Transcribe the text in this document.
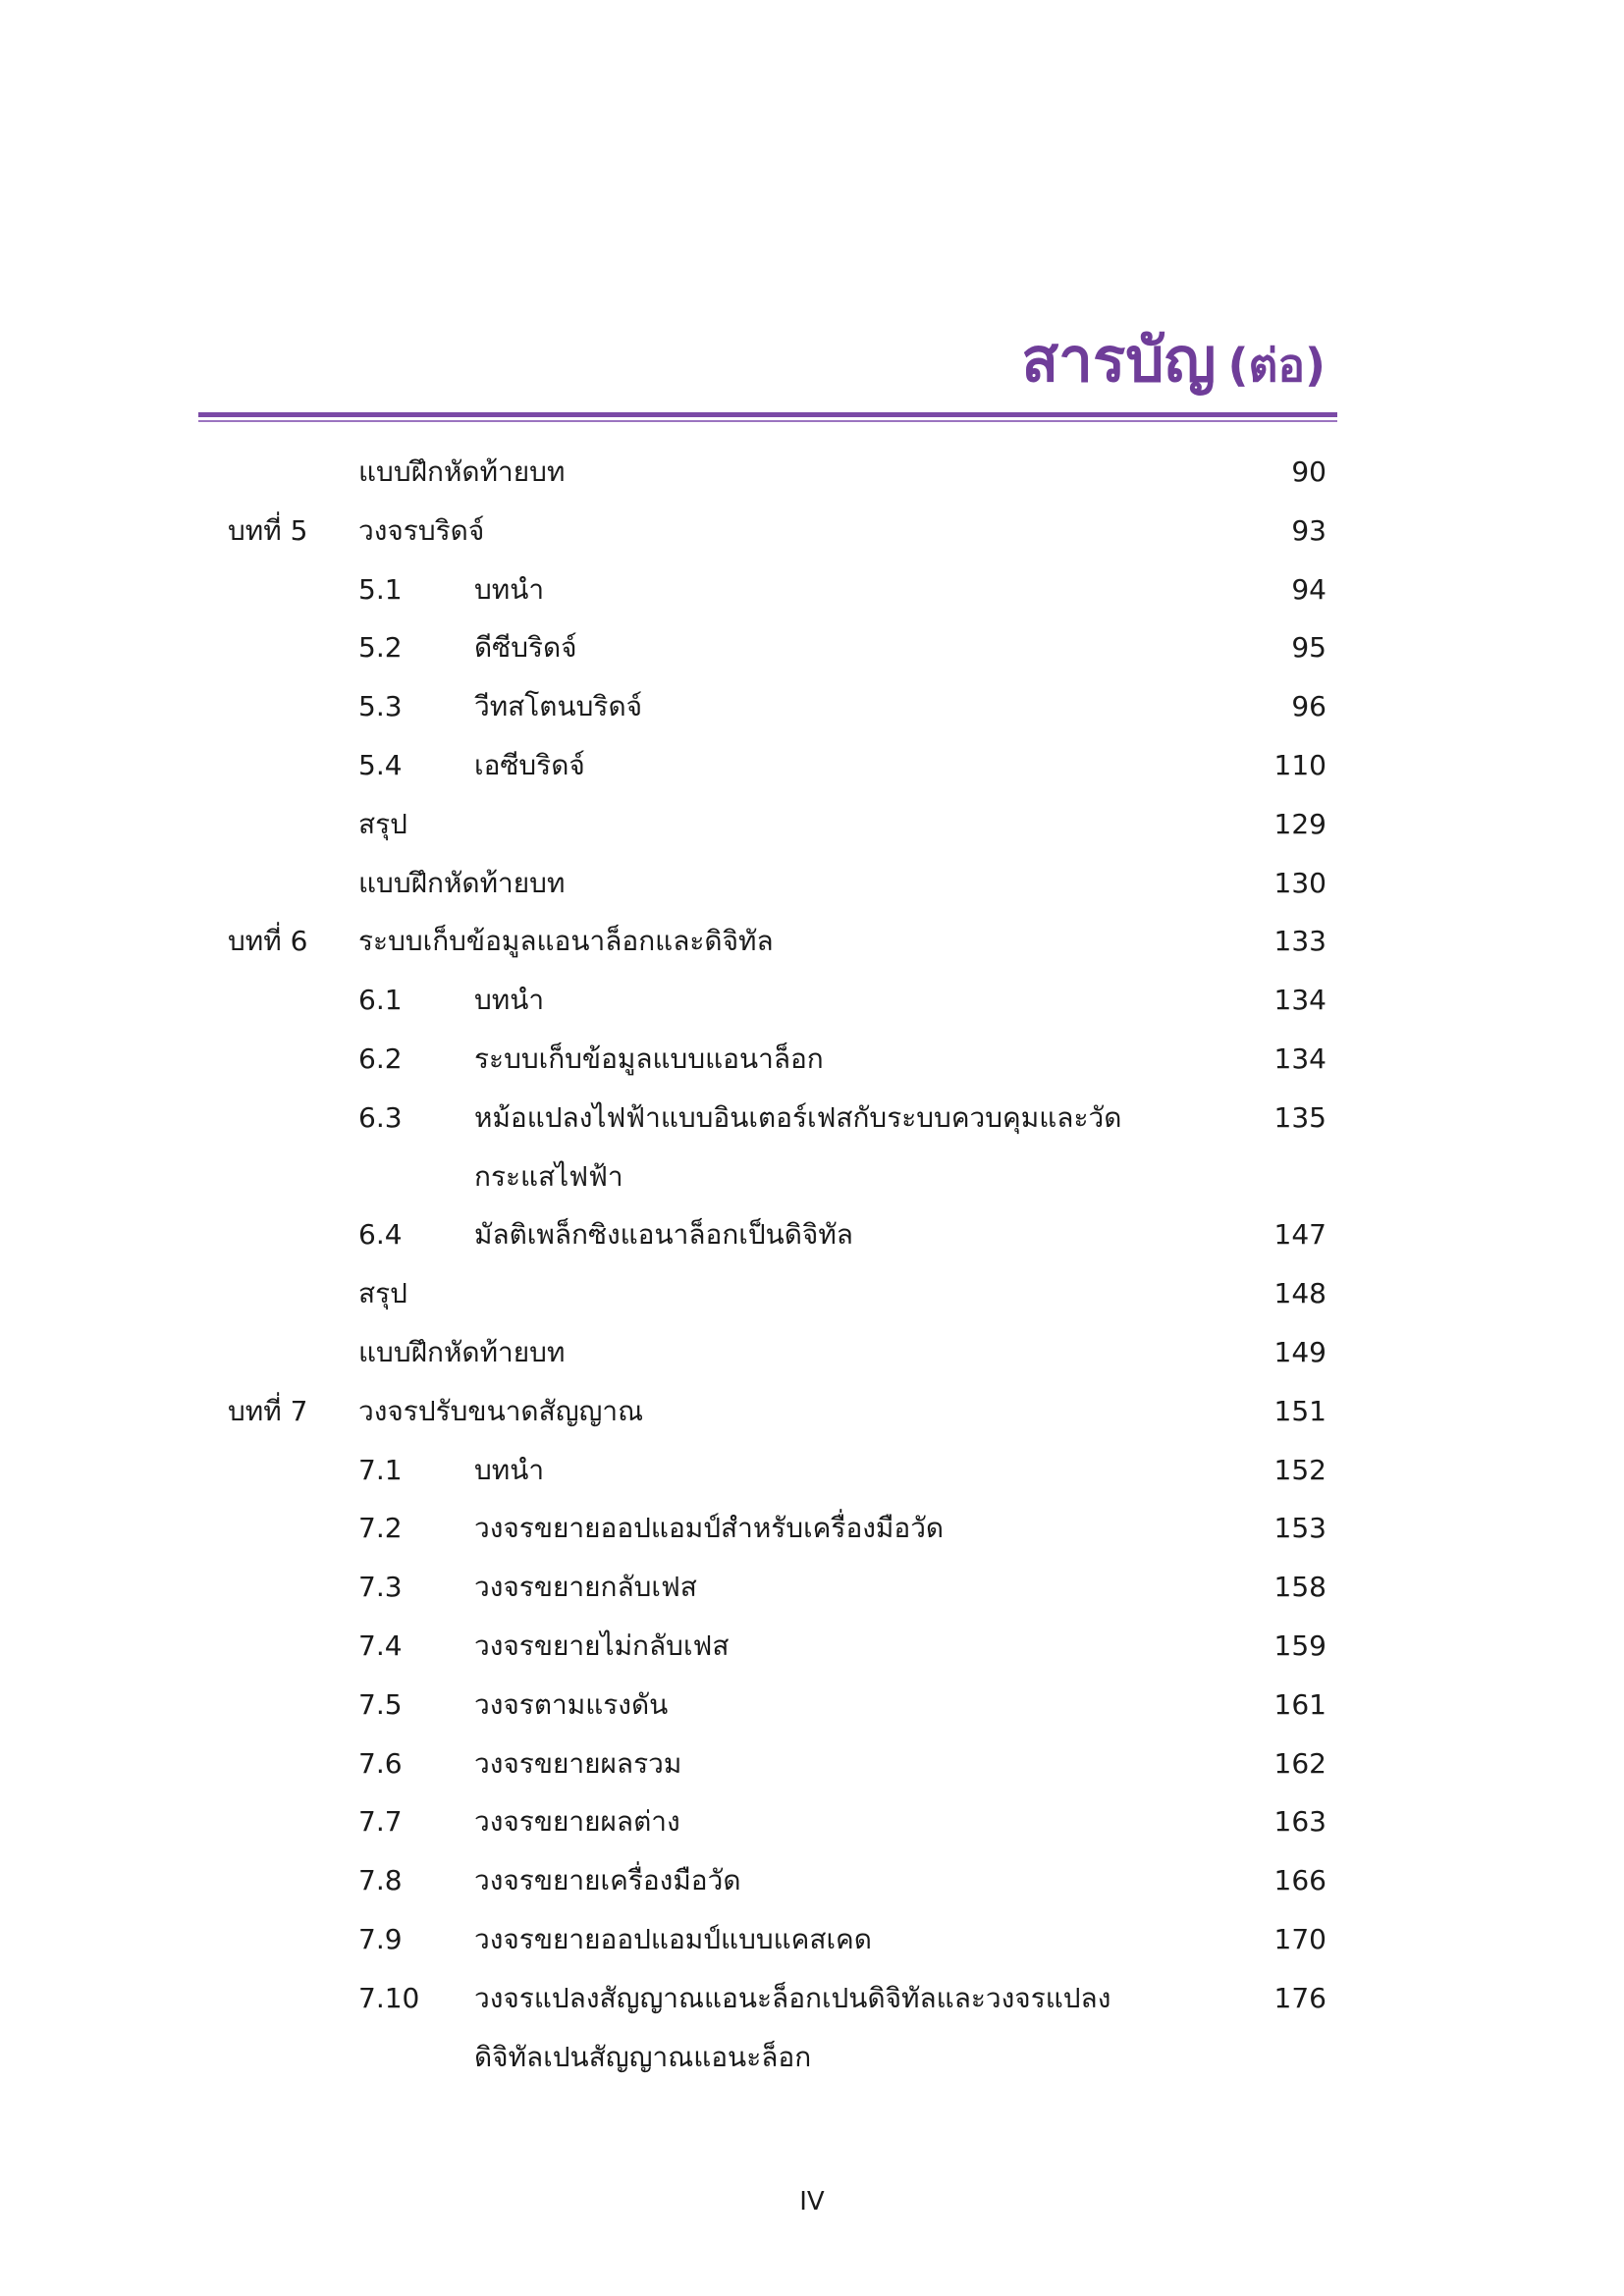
สารบัญ (ต่อ)
แบบฝึกหัดท้ายบท	90
บทที่ 5 วงจรบริดจ์	93
5.1	บทนำ	94
5.2	ดีซีบริดจ์	95
5.3	วีทสโตนบริดจ์	96
5.4	เอซีบริดจ์	110
สรุป	129
แบบฝึกหัดท้ายบท	130
บทที่ 6 ระบบเก็บข้อมูลแอนาล็อกและดิจิทัล	133
6.1	บทนำ	134
6.2	ระบบเก็บข้อมูลแบบแอนาล็อก	134
6.3	หม้อแปลงไฟฟ้าแบบอินเตอร์เฟสกับระบบควบคุมและวัด	135
กระแสไฟฟ้า
6.4	มัลติเพล็กซิงแอนาล็อกเป็นดิจิทัล	147
สรุป	148
แบบฝึกหัดท้ายบท	149
บทที่ 7 วงจรปรับขนาดสัญญาณ	151
7.1	บทนำ	152
7.2	วงจรขยายออปแอมป์สำหรับเครื่องมือวัด	153
7.3	วงจรขยายกลับเฟส	158
7.4	วงจรขยายไม่กลับเฟส	159
7.5	วงจรตามแรงดัน	161
7.6	วงจรขยายผลรวม	162
7.7	วงจรขยายผลต่าง	163
7.8	วงจรขยายเครื่องมือวัด	166
7.9	วงจรขยายออปแอมป์แบบแคสเคด	170
7.10 วงจรแปลงสัญญาณแอนะล็อกเปนดิจิทัลและวงจรแปลง	176
ดิจิทัลเปนสัญญาณแอนะล็อก
IV
